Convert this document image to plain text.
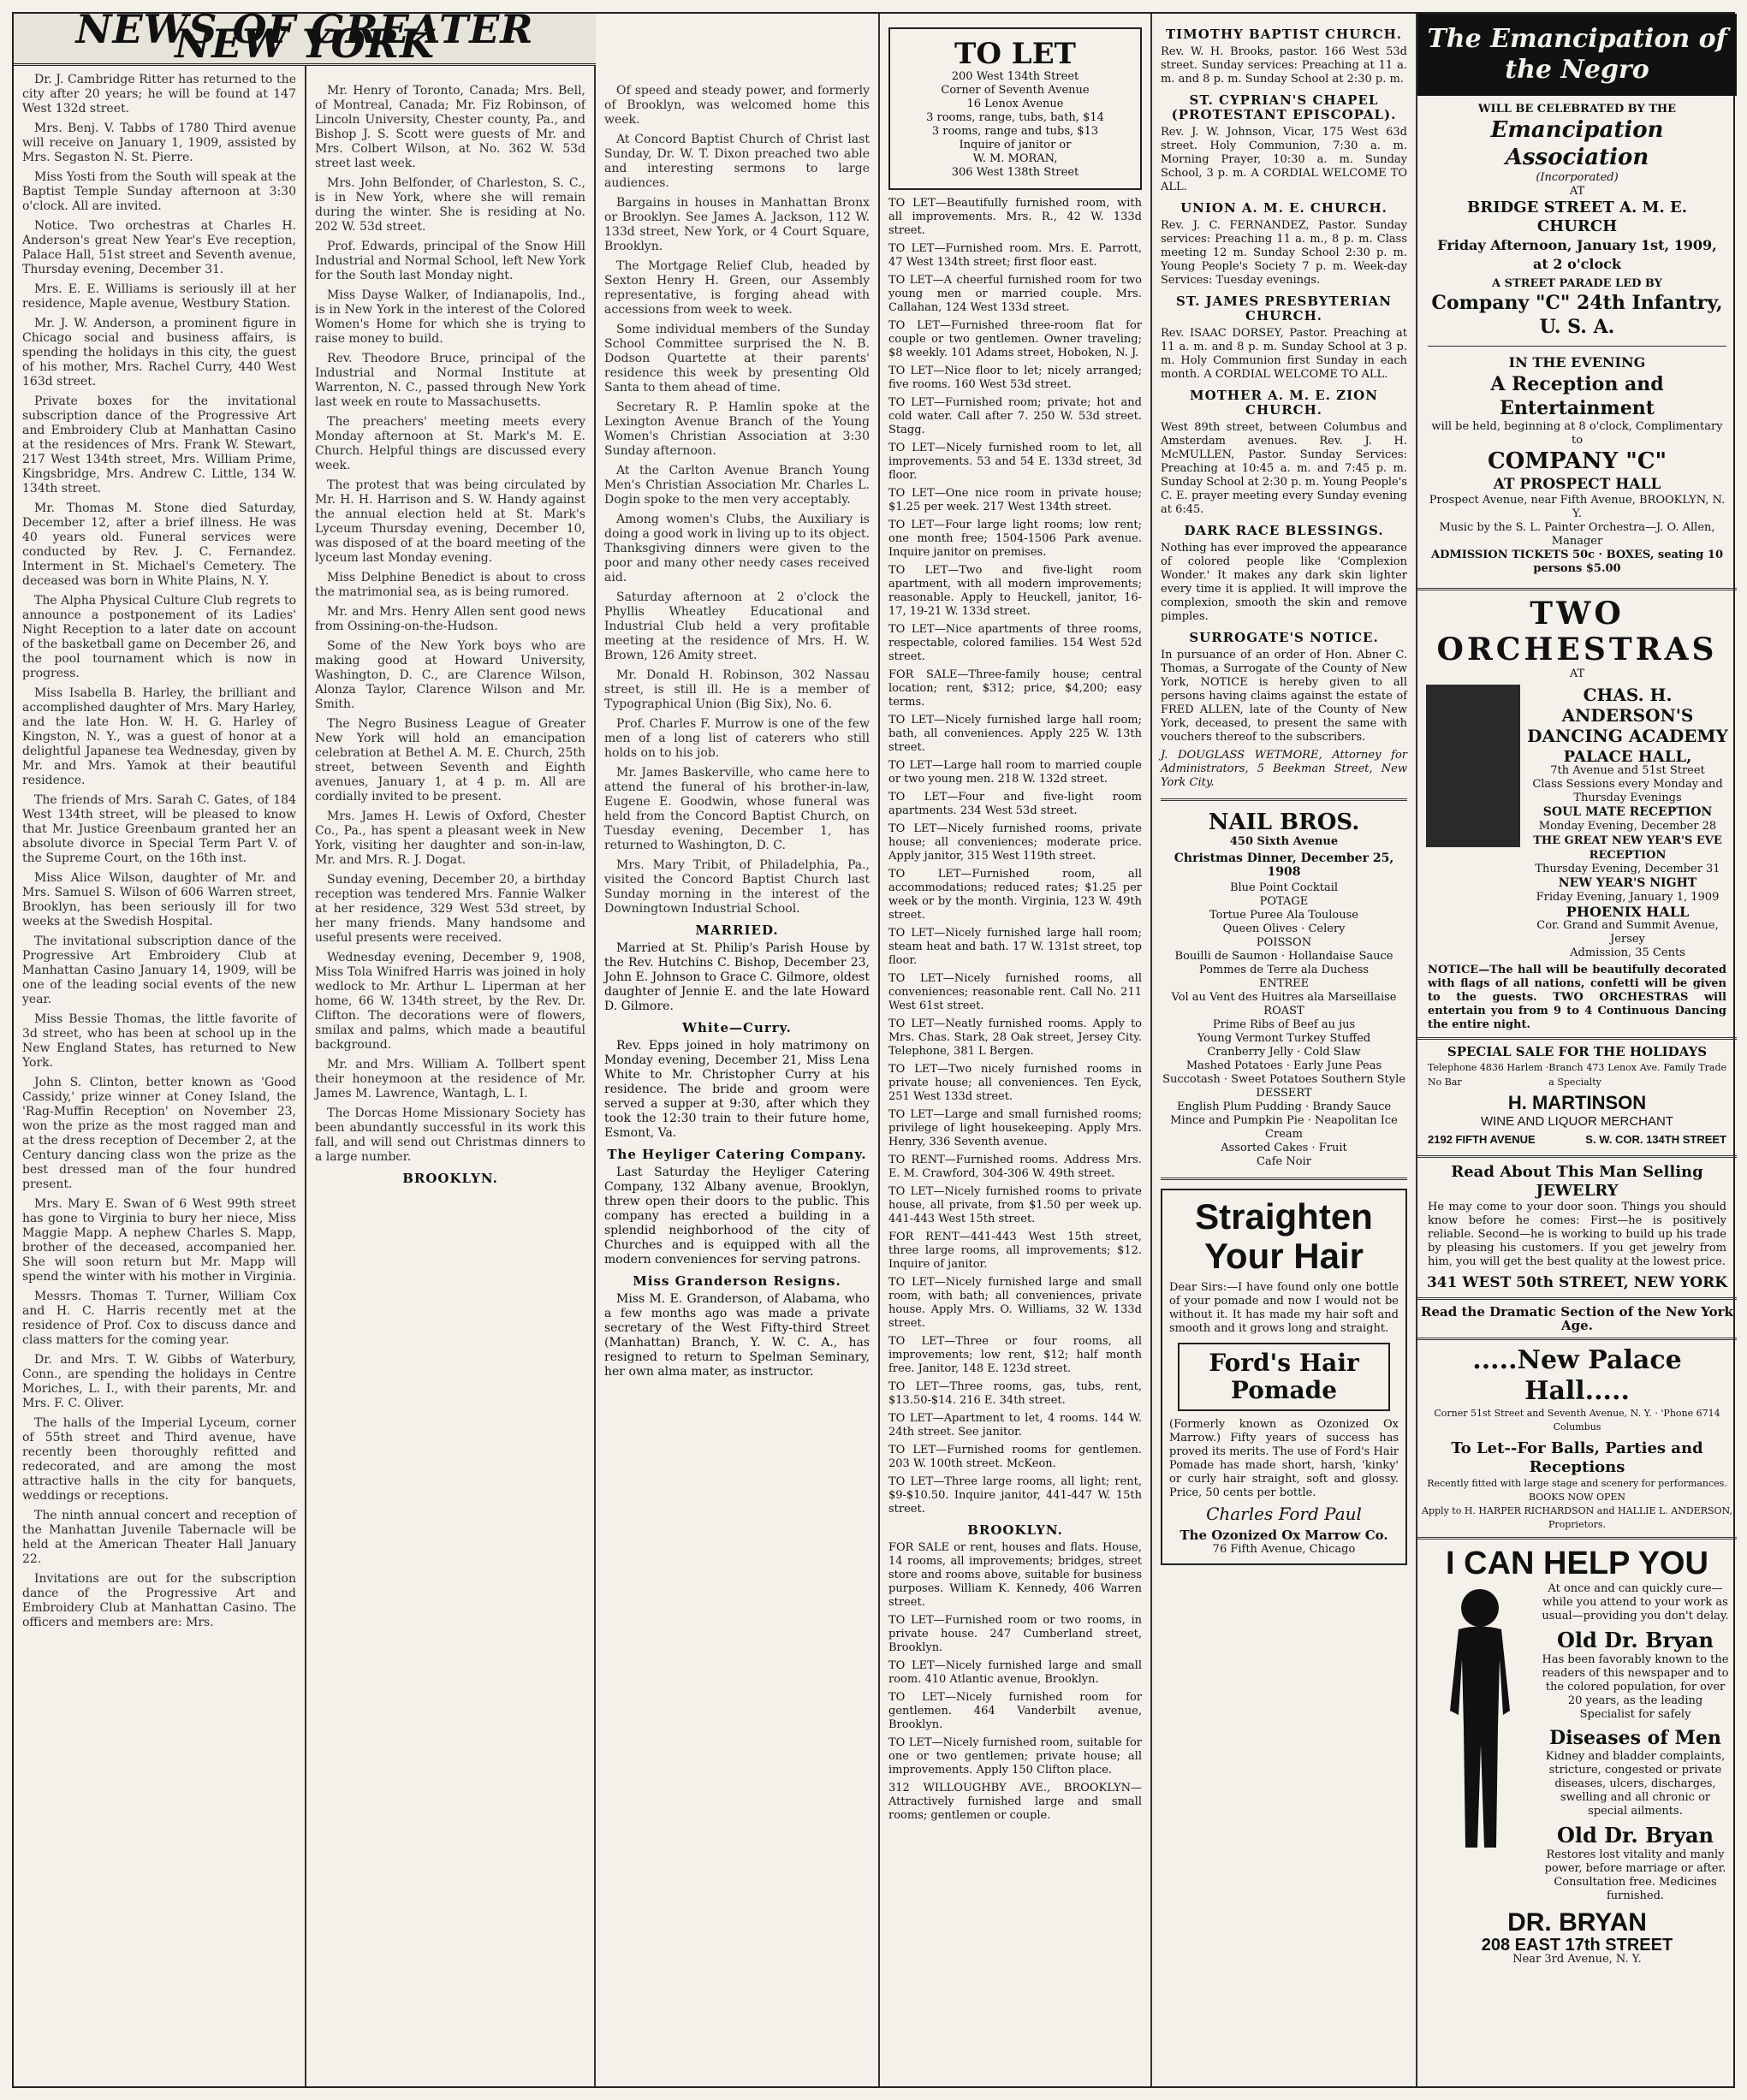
NEWS OF GREATER NEW YORK

Dr. J. Cambridge Ritter has returned to the city after 20 years; he will be found at 147 West 132d street.

Mrs. Benj. V. Tabbs of 1780 Third avenue will receive on January 1, 1909, assisted by Mrs. Segaston N. St. Pierre.

Miss Yosti from the South will speak at the Baptist Temple Sunday afternoon at 3:30 o'clock. All are invited.

Notice. Two orchestras at Charles H. Anderson's great New Year's Eve reception, Palace Hall, 51st street and Seventh avenue, Thursday evening, December 31.

Mrs. E. E. Williams is seriously ill at her residence, Maple avenue, Westbury Station.

Mr. J. W. Anderson, a prominent figure in Chicago social and business affairs, is spending the holidays in this city, the guest of his mother, Mrs. Rachel Curry, 440 West 163d street.

Private boxes for the invitational subscription dance of the Progressive Art and Embroidery Club at Manhattan Casino at the residences of Mrs. Frank W. Stewart, 217 West 134th street, Mrs. William Prime, Kingsbridge, Mrs. Andrew C. Little, 134 W. 134th street.

Mr. Thomas M. Stone died Saturday, December 12, after a brief illness. He was 40 years old. Funeral services were conducted by Rev. J. C. Fernandez. Interment in St. Michael's Cemetery. The deceased was born in White Plains, N. Y.

The Alpha Physical Culture Club regrets to announce a postponement of its Ladies' Night Reception to a later date on account of the basketball game on December 26, and the pool tournament which is now in progress.

Miss Isabella B. Harley, the brilliant and accomplished daughter of Mrs. Mary Harley, and the late Hon. W. H. G. Harley of Kingston, N. Y., was a guest of honor at a delightful Japanese tea Wednesday, given by Mr. and Mrs. Yamok at their beautiful residence.

The friends of Mrs. Sarah C. Gates, of 184 West 134th street, will be pleased to know that Mr. Justice Greenbaum granted her an absolute divorce in Special Term Part V. of the Supreme Court, on the 16th inst.

Miss Alice Wilson, daughter of Mr. and Mrs. Samuel S. Wilson of 606 Warren street, Brooklyn, has been seriously ill for two weeks at the Swedish Hospital.

The invitational subscription dance of the Progressive Art Embroidery Club at Manhattan Casino January 14, 1909, will be one of the leading social events of the new year.

Miss Bessie Thomas, the little favorite of 3d street, who has been at school up in the New England States, has returned to New York.

John S. Clinton, better known as 'Good Cassidy,' prize winner at Coney Island, the 'Rag-Muffin Reception' on November 23, won the prize as the most ragged man and at the dress reception of December 2, at the Century dancing class won the prize as the best dressed man of the four hundred present.

Mrs. Mary E. Swan of 6 West 99th street has gone to Virginia to bury her niece, Miss Maggie Mapp. A nephew Charles S. Mapp, brother of the deceased, accompanied her. She will soon return but Mr. Mapp will spend the winter with his mother in Virginia.

Messrs. Thomas T. Turner, William Cox and H. C. Harris recently met at the residence of Prof. Cox to discuss dance and class matters for the coming year.

Dr. and Mrs. T. W. Gibbs of Waterbury, Conn., are spending the holidays in Centre Moriches, L. I., with their parents, Mr. and Mrs. F. C. Oliver.

The halls of the Imperial Lyceum, corner of 55th street and Third avenue, have recently been thoroughly refitted and redecorated, and are among the most attractive halls in the city for banquets, weddings or receptions.

The ninth annual concert and reception of the Manhattan Juvenile Tabernacle will be held at the American Theater Hall January 22.

Invitations are out for the subscription dance of the Progressive Art and Embroidery Club at Manhattan Casino. The officers and members are: Mrs.

Mr. Henry of Toronto, Canada; Mrs. Bell, of Montreal, Canada; Mr. Fiz Robinson, of Lincoln University, Chester county, Pa., and Bishop J. S. Scott were guests of Mr. and Mrs. Colbert Wilson, at No. 362 W. 53d street last week.

Mrs. John Belfonder, of Charleston, S. C., is in New York, where she will remain during the winter. She is residing at No. 202 W. 53d street.

Prof. Edwards, principal of the Snow Hill Industrial and Normal School, left New York for the South last Monday night.

Miss Dayse Walker, of Indianapolis, Ind., is in New York in the interest of the Colored Women's Home for which she is trying to raise money to build.

Rev. Theodore Bruce, principal of the Industrial and Normal Institute at Warrenton, N. C., passed through New York last week en route to Massachusetts.

The preachers' meeting meets every Monday afternoon at St. Mark's M. E. Church. Helpful things are discussed every week.

The protest that was being circulated by Mr. H. H. Harrison and S. W. Handy against the annual election held at St. Mark's Lyceum Thursday evening, December 10, was disposed of at the board meeting of the lyceum last Monday evening.

Miss Delphine Benedict is about to cross the matrimonial sea, as is being rumored.

Mr. and Mrs. Henry Allen sent good news from Ossining-on-the-Hudson.

Some of the New York boys who are making good at Howard University, Washington, D. C., are Clarence Wilson, Alonza Taylor, Clarence Wilson and Mr. Smith.

The Negro Business League of Greater New York will hold an emancipation celebration at Bethel A. M. E. Church, 25th street, between Seventh and Eighth avenues, January 1, at 4 p. m. All are cordially invited to be present.

Mrs. James H. Lewis of Oxford, Chester Co., Pa., has spent a pleasant week in New York, visiting her daughter and son-in-law, Mr. and Mrs. R. J. Dogat.

Sunday evening, December 20, a birthday reception was tendered Mrs. Fannie Walker at her residence, 329 West 53d street, by her many friends. Many handsome and useful presents were received.

Wednesday evening, December 9, 1908, Miss Tola Winifred Harris was joined in holy wedlock to Mr. Arthur L. Liperman at her home, 66 W. 134th street, by the Rev. Dr. Clifton. The decorations were of flowers, smilax and palms, which made a beautiful background.

Mr. and Mrs. William A. Tollbert spent their honeymoon at the residence of Mr. James M. Lawrence, Wantagh, L. I.

The Dorcas Home Missionary Society has been abundantly successful in its work this fall, and will send out Christmas dinners to a large number.

BROOKLYN.

Of speed and steady power, and formerly of Brooklyn, was welcomed home this week.

At Concord Baptist Church of Christ last Sunday, Dr. W. T. Dixon preached two able and interesting sermons to large audiences.

Bargains in houses in Manhattan Bronx or Brooklyn. See James A. Jackson, 112 W. 133d street, New York, or 4 Court Square, Brooklyn.

The Mortgage Relief Club, headed by Sexton Henry H. Green, our Assembly representative, is forging ahead with accessions from week to week.

Some individual members of the Sunday School Committee surprised the N. B. Dodson Quartette at their parents' residence this week by presenting Old Santa to them ahead of time.

Secretary R. P. Hamlin spoke at the Lexington Avenue Branch of the Young Women's Christian Association at 3:30 Sunday afternoon.

At the Carlton Avenue Branch Young Men's Christian Association Mr. Charles L. Dogin spoke to the men very acceptably.

Among women's Clubs, the Auxiliary is doing a good work in living up to its object. Thanksgiving dinners were given to the poor and many other needy cases received aid.

Saturday afternoon at 2 o'clock the Phyllis Wheatley Educational and Industrial Club held a very profitable meeting at the residence of Mrs. H. W. Brown, 126 Amity street.

Mr. Donald H. Robinson, 302 Nassau street, is still ill. He is a member of Typographical Union (Big Six), No. 6.

Prof. Charles F. Murrow is one of the few men of a long list of caterers who still holds on to his job.

Mr. James Baskerville, who came here to attend the funeral of his brother-in-law, Eugene E. Goodwin, whose funeral was held from the Concord Baptist Church, on Tuesday evening, December 1, has returned to Washington, D. C.

Mrs. Mary Tribit, of Philadelphia, Pa., visited the Concord Baptist Church last Sunday morning in the interest of the Downingtown Industrial School.

MARRIED.

Married at St. Philip's Parish House by the Rev. Hutchins C. Bishop, December 23, John E. Johnson to Grace C. Gilmore, oldest daughter of Jennie E. and the late Howard D. Gilmore.

White—Curry.

Rev. Epps joined in holy matrimony on Monday evening, December 21, Miss Lena White to Mr. Christopher Curry at his residence. The bride and groom were served a supper at 9:30, after which they took the 12:30 train to their future home, Esmont, Va.

The Heyliger Catering Company.

Last Saturday the Heyliger Catering Company, 132 Albany avenue, Brooklyn, threw open their doors to the public. This company has erected a building in a splendid neighborhood of the city of Churches and is equipped with all the modern conveniences for serving patrons.

Miss Granderson Resigns.

Miss M. E. Granderson, of Alabama, who a few months ago was made a private secretary of the West Fifty-third Street (Manhattan) Branch, Y. W. C. A., has resigned to return to Spelman Seminary, her own alma mater, as instructor.

TO LET
200 West 134th Street
Corner of Seventh Avenue
16 Lenox Avenue
3 rooms, range, tubs, bath, $14
3 rooms, range and tubs, $13
Inquire of janitor or
W. M. MORAN,
306 West 138th Street

TO LET—Beautifully furnished room, with all improvements. Mrs. R., 42 W. 133d street.

TO LET—Furnished room. Mrs. E. Parrott, 47 West 134th street; first floor east.

TO LET—A cheerful furnished room for two young men or married couple. Mrs. Callahan, 124 West 133d street.

TO LET—Furnished three-room flat for couple or two gentlemen. Owner traveling; $8 weekly. 101 Adams street, Hoboken, N. J.

TO LET—Nice floor to let; nicely arranged; five rooms. 160 West 53d street.

TO LET—Furnished room; private; hot and cold water. Call after 7. 250 W. 53d street. Stagg.

TO LET—Nicely furnished room to let, all improvements. 53 and 54 E. 133d street, 3d floor.

TO LET—One nice room in private house; $1.25 per week. 217 West 134th street.

TO LET—Four large light rooms; low rent; one month free; 1504-1506 Park avenue. Inquire janitor on premises.

TO LET—Two and five-light room apartment, with all modern improvements; reasonable. Apply to Heuckell, janitor, 16-17, 19-21 W. 133d street.

TO LET—Nice apartments of three rooms, respectable, colored families. 154 West 52d street.

FOR SALE—Three-family house; central location; rent, $312; price, $4,200; easy terms.

TO LET—Nicely furnished large hall room; bath, all conveniences. Apply 225 W. 13th street.

TO LET—Large hall room to married couple or two young men. 218 W. 132d street.

TO LET—Four and five-light room apartments. 234 West 53d street.

TO LET—Nicely furnished rooms, private house; all conveniences; moderate price. Apply janitor, 315 West 119th street.

TO LET—Furnished room, all accommodations; reduced rates; $1.25 per week or by the month. Virginia, 123 W. 49th street.

TO LET—Nicely furnished large hall room; steam heat and bath. 17 W. 131st street, top floor.

TO LET—Nicely furnished rooms, all conveniences; reasonable rent. Call No. 211 West 61st street.

TO LET—Neatly furnished rooms. Apply to Mrs. Chas. Stark, 28 Oak street, Jersey City. Telephone, 381 L Bergen.

TO LET—Two nicely furnished rooms in private house; all conveniences. Ten Eyck, 251 West 133d street.

TO LET—Large and small furnished rooms; privilege of light housekeeping. Apply Mrs. Henry, 336 Seventh avenue.

TO RENT—Furnished rooms. Address Mrs. E. M. Crawford, 304-306 W. 49th street.

TO LET—Nicely furnished rooms to private house, all private, from $1.50 per week up. 441-443 West 15th street.

FOR RENT—441-443 West 15th street, three large rooms, all improvements; $12. Inquire of janitor.

TO LET—Nicely furnished large and small room, with bath; all conveniences, private house. Apply Mrs. O. Williams, 32 W. 133d street.

TO LET—Three or four rooms, all improvements; low rent, $12; half month free. Janitor, 148 E. 123d street.

TO LET—Three rooms, gas, tubs, rent, $13.50-$14. 216 E. 34th street.

TO LET—Apartment to let, 4 rooms. 144 W. 24th street. See janitor.

TO LET—Furnished rooms for gentlemen. 203 W. 100th street. McKeon.

TO LET—Three large rooms, all light; rent, $9-$10.50. Inquire janitor, 441-447 W. 15th street.

BROOKLYN.

FOR SALE or rent, houses and flats. House, 14 rooms, all improvements; bridges, street store and rooms above, suitable for business purposes. William K. Kennedy, 406 Warren street.

TO LET—Furnished room or two rooms, in private house. 247 Cumberland street, Brooklyn.

TO LET—Nicely furnished large and small room. 410 Atlantic avenue, Brooklyn.

TO LET—Nicely furnished room for gentlemen. 464 Vanderbilt avenue, Brooklyn.

TO LET—Nicely furnished room, suitable for one or two gentlemen; private house; all improvements. Apply 150 Clifton place.

312 WILLOUGHBY AVE., BROOKLYN—Attractively furnished large and small rooms; gentlemen or couple.

TIMOTHY BAPTIST CHURCH.

Rev. W. H. Brooks, pastor. 166 West 53d street. Sunday services: Preaching at 11 a. m. and 8 p. m. Sunday School at 2:30 p. m.

ST. CYPRIAN'S CHAPEL (PROTESTANT EPISCOPAL).

Rev. J. W. Johnson, Vicar, 175 West 63d street. Holy Communion, 7:30 a. m. Morning Prayer, 10:30 a. m. Sunday School, 3 p. m. A CORDIAL WELCOME TO ALL.

UNION A. M. E. CHURCH.

Rev. J. C. FERNANDEZ, Pastor. Sunday services: Preaching 11 a. m., 8 p. m. Class meeting 12 m. Sunday School 2:30 p. m. Young People's Society 7 p. m. Week-day Services: Tuesday evenings.

ST. JAMES PRESBYTERIAN CHURCH.

Rev. ISAAC DORSEY, Pastor. Preaching at 11 a. m. and 8 p. m. Sunday School at 3 p. m. Holy Communion first Sunday in each month. A CORDIAL WELCOME TO ALL.

MOTHER A. M. E. ZION CHURCH.

West 89th street, between Columbus and Amsterdam avenues. Rev. J. H. McMULLEN, Pastor. Sunday Services: Preaching at 10:45 a. m. and 7:45 p. m. Sunday School at 2:30 p. m. Young People's C. E. prayer meeting every Sunday evening at 6:45.

DARK RACE BLESSINGS.

Nothing has ever improved the appearance of colored people like 'Complexion Wonder.' It makes any dark skin lighter every time it is applied. It will improve the complexion, smooth the skin and remove pimples.

SURROGATE'S NOTICE.

In pursuance of an order of Hon. Abner C. Thomas, a Surrogate of the County of New York, NOTICE is hereby given to all persons having claims against the estate of FRED ALLEN, late of the County of New York, deceased, to present the same with vouchers thereof to the subscribers.

J. DOUGLASS WETMORE, Attorney for Administrators, 5 Beekman Street, New York City.

NAIL BROS.
450 Sixth Avenue
Christmas Dinner, December 25, 1908
Blue Point Cocktail
POTAGE
Tortue Puree Ala Toulouse
Queen Olives · Celery
POISSON
Bouilli de Saumon · Hollandaise Sauce
Pommes de Terre ala Duchess
ENTREE
Vol au Vent des Huitres ala Marseillaise
ROAST
Prime Ribs of Beef au jus
Young Vermont Turkey Stuffed
Cranberry Jelly · Cold Slaw
Mashed Potatoes · Early June Peas
Succotash · Sweet Potatoes Southern Style
DESSERT
English Plum Pudding · Brandy Sauce
Mince and Pumpkin Pie · Neapolitan Ice Cream
Assorted Cakes · Fruit
Cafe Noir
Straighten
Your Hair

Dear Sirs:—I have found only one bottle of your pomade and now I would not be without it. It has made my hair soft and smooth and it grows long and straight.

Ford's Hair Pomade

(Formerly known as Ozonized Ox Marrow.) Fifty years of success has proved its merits. The use of Ford's Hair Pomade has made short, harsh, 'kinky' or curly hair straight, soft and glossy. Price, 50 cents per bottle.

Charles Ford Paul
The Ozonized Ox Marrow Co.
76 Fifth Avenue, Chicago
The Emancipation of the Negro
WILL BE CELEBRATED BY THE
Emancipation Association
(Incorporated)
AT
BRIDGE STREET A. M. E. CHURCH
Friday Afternoon, January 1st, 1909, at 2 o'clock
A STREET PARADE LED BY
Company "C" 24th Infantry, U. S. A.
IN THE EVENING
A Reception and Entertainment
will be held, beginning at 8 o'clock, Complimentary to
COMPANY "C"
AT PROSPECT HALL
Prospect Avenue, near Fifth Avenue, BROOKLYN, N. Y.
Music by the S. L. Painter Orchestra—J. O. Allen, Manager
ADMISSION TICKETS 50c · BOXES, seating 10 persons $5.00
TWO ORCHESTRAS
AT
CHAS. H. ANDERSON'S DANCING ACADEMY
PALACE HALL,
7th Avenue and 51st Street
Class Sessions every Monday and Thursday Evenings
SOUL MATE RECEPTION
Monday Evening, December 28
THE GREAT NEW YEAR'S EVE RECEPTION
Thursday Evening, December 31
NEW YEAR'S NIGHT
Friday Evening, January 1, 1909
PHOENIX HALL
Cor. Grand and Summit Avenue, Jersey
Admission, 35 Cents

NOTICE—The hall will be beautifully decorated with flags of all nations, confetti will be given to the guests. TWO ORCHESTRAS will entertain you from 9 to 4 Continuous Dancing the entire night.

SPECIAL SALE FOR THE HOLIDAYS
Telephone 4836 Harlem · No Bar
Branch 473 Lenox Ave. Family Trade a Specialty
H. MARTINSON
WINE AND LIQUOR MERCHANT
2192 FIFTH AVENUE	S. W. COR. 134TH STREET
Read About This Man Selling JEWELRY

He may come to your door soon. Things you should know before he comes: First—he is positively reliable. Second—he is working to build up his trade by pleasing his customers. If you get jewelry from him, you will get the best quality at the lowest price.

341 WEST 50th STREET, NEW YORK
Read the Dramatic Section of the New York Age.
.....New Palace Hall.....
Corner 51st Street and Seventh Avenue, N. Y. · 'Phone 6714 Columbus
To Let--For Balls, Parties and Receptions
Recently fitted with large stage and scenery for performances. BOOKS NOW OPEN
Apply to H. HARPER RICHARDSON and HALLIE L. ANDERSON, Proprietors.
I CAN HELP YOU

At once and can quickly cure—while you attend to your work as usual—providing you don't delay.

Old Dr. Bryan

Has been favorably known to the readers of this newspaper and to the colored population, for over 20 years, as the leading Specialist for safely

Diseases of Men

Kidney and bladder complaints, stricture, congested or private diseases, ulcers, discharges, swelling and all chronic or special ailments.

Old Dr. Bryan

Restores lost vitality and manly power, before marriage or after. Consultation free. Medicines furnished.

DR. BRYAN
208 EAST 17th STREET
Near 3rd Avenue, N. Y.
